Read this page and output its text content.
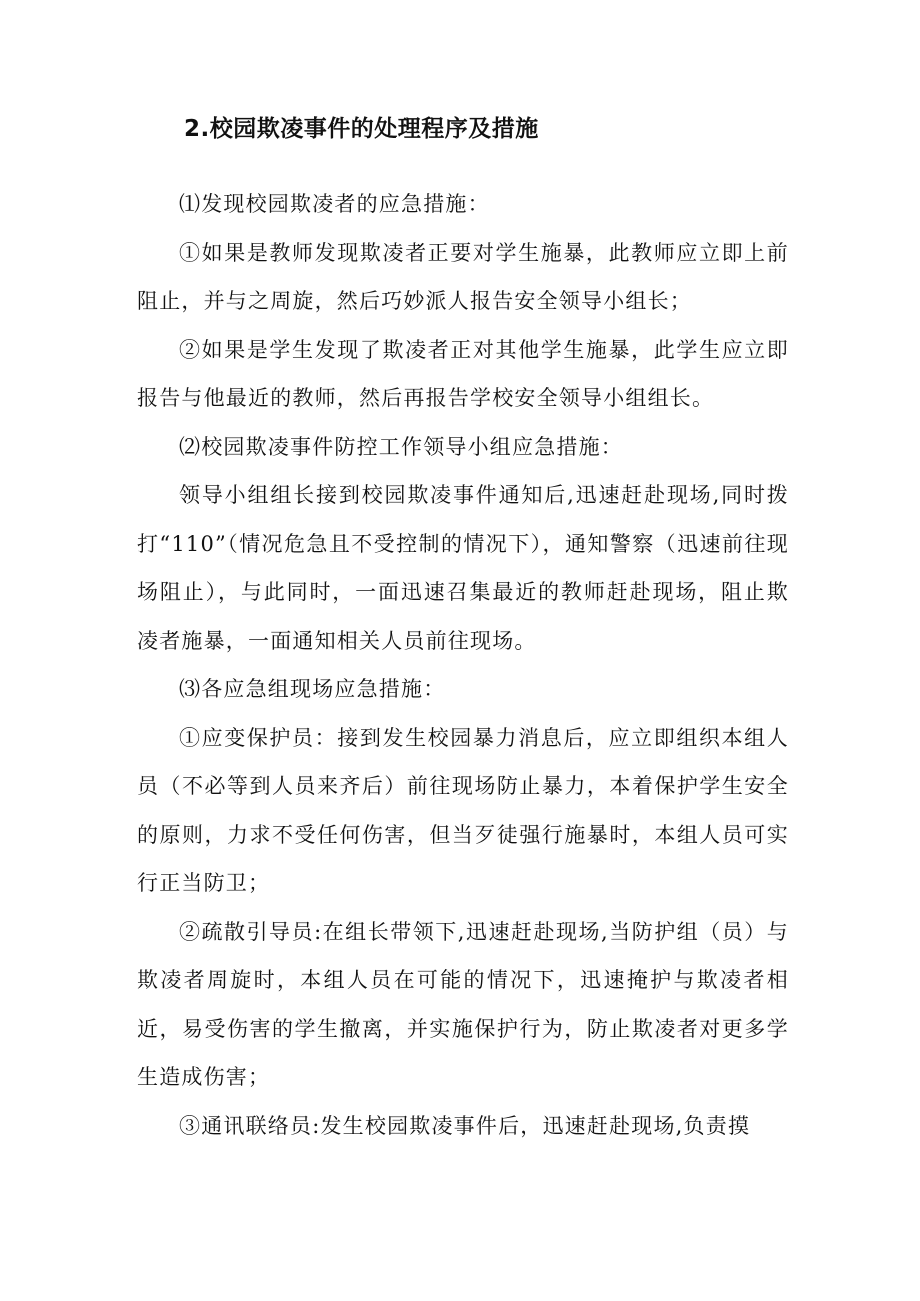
2.校园欺凌事件的处理程序及措施

⑴发现校园欺凌者的应急措施：

①如果是教师发现欺凌者正要对学生施暴，此教师应立即上前阻止，并与之周旋，然后巧妙派人报告安全领导小组长；

②如果是学生发现了欺凌者正对其他学生施暴，此学生应立即报告与他最近的教师，然后再报告学校安全领导小组组长。

⑵校园欺凌事件防控工作领导小组应急措施：

领导小组组长接到校园欺凌事件通知后,迅速赶赴现场,同时拨打“110”（情况危急且不受控制的情况下），通知警察（迅速前往现场阻止），与此同时，一面迅速召集最近的教师赶赴现场，阻止欺凌者施暴，一面通知相关人员前往现场。

⑶各应急组现场应急措施：

①应变保护员：接到发生校园暴力消息后，应立即组织本组人员（不必等到人员来齐后）前往现场防止暴力，本着保护学生安全的原则，力求不受任何伤害，但当歹徒强行施暴时，本组人员可实行正当防卫；

②疏散引导员:在组长带领下,迅速赶赴现场,当防护组（员）与欺凌者周旋时，本组人员在可能的情况下，迅速掩护与欺凌者相近，易受伤害的学生撤离，并实施保护行为，防止欺凌者对更多学生造成伤害；

③通讯联络员:发生校园欺凌事件后，迅速赶赴现场,负责摸
